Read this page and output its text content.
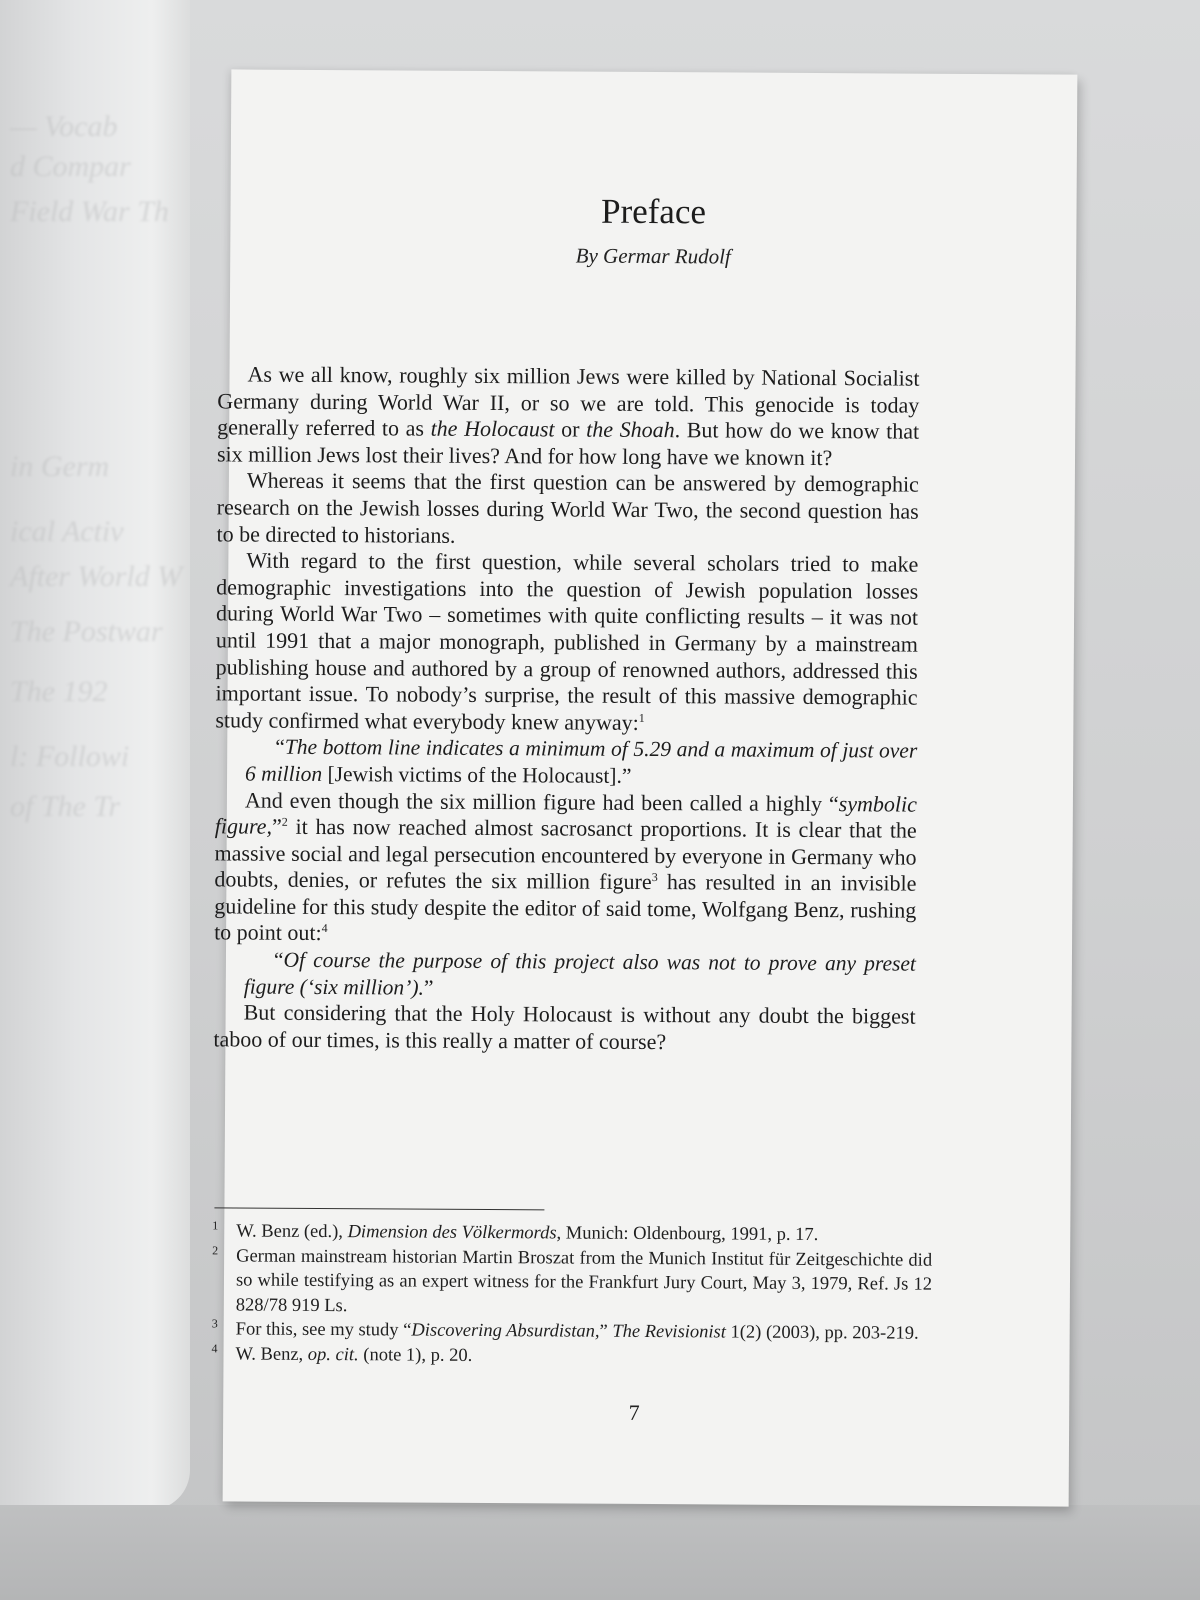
— Vocab
d Compar
Field War Th
in Germ
ical Activ
After World W
The Postwar
The 192
l: Followi
of The Tr
Preface
By Germar Rudolf

As we all know, roughly six million Jews were killed by National Socialist Germany during World War II, or so we are told. This genocide is today generally referred to as the Holocaust or the Shoah. But how do we know that six million Jews lost their lives? And for how long have we known it?

Whereas it seems that the first question can be answered by demographic research on the Jewish losses during World War Two, the second question has to be directed to historians.

With regard to the first question, while several scholars tried to make demographic investigations into the question of Jewish population losses during World War Two – sometimes with quite conflicting results – it was not until 1991 that a major monograph, published in Germany by a mainstream publishing house and authored by a group of renowned authors, addressed this important issue. To nobody’s surprise, the result of this massive demographic study confirmed what everybody knew anyway:$^1$

“The bottom line indicates a minimum of 5.29 and a maximum of just over 6 million [Jewish victims of the Holocaust].”

And even though the six million figure had been called a highly “symbolic figure,”$^2$ it has now reached almost sacrosanct proportions. It is clear that the massive social and legal persecution encountered by everyone in Germany who doubts, denies, or refutes the six million figure$^3$ has resulted in an invisible guideline for this study despite the editor of said tome, Wolfgang Benz, rushing to point out:$^4$

“Of course the purpose of this project also was not to prove any preset figure (‘six million’).”

But considering that the Holy Holocaust is without any doubt the biggest taboo of our times, is this really a matter of course?

1 W. Benz (ed.), Dimension des Völkermords, Munich: Oldenbourg, 1991, p. 17.
2 German mainstream historian Martin Broszat from the Munich Institut für Zeitgeschichte did so while testifying as an expert witness for the Frankfurt Jury Court, May 3, 1979, Ref. Js 12 828/78 919 Ls.
3 For this, see my study “Discovering Absurdistan,” The Revisionist 1(2) (2003), pp. 203-219.
4 W. Benz, op. cit. (note 1), p. 20.
7
